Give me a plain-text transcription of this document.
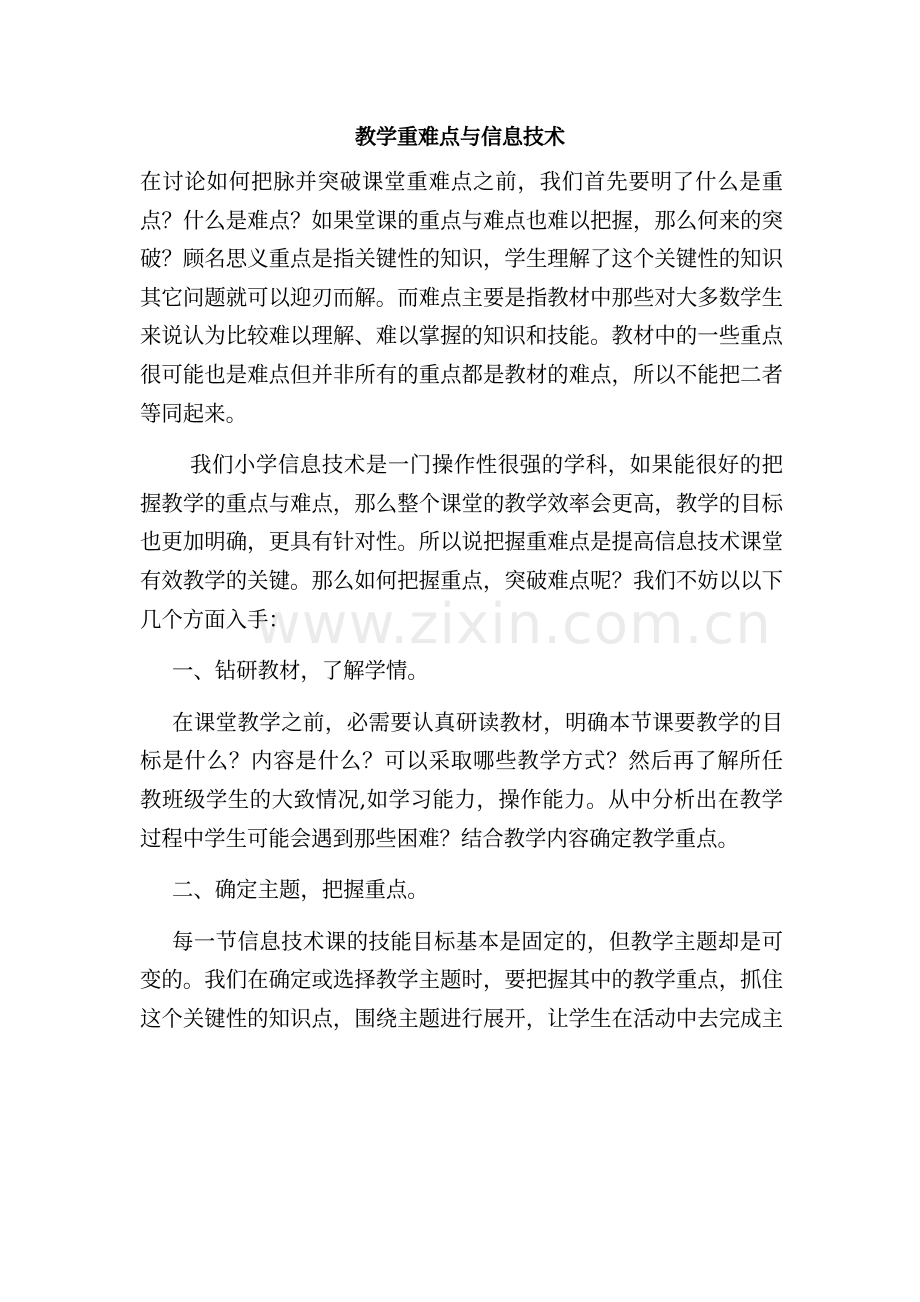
教学重难点与信息技术
www.zixin.com.cn
在讨论如何把脉并突破课堂重难点之前，我们首先要明了什么是重
点？什么是难点？如果堂课的重点与难点也难以把握，那么何来的突
破？顾名思义重点是指关键性的知识，学生理解了这个关键性的知识
其它问题就可以迎刃而解。而难点主要是指教材中那些对大多数学生
来说认为比较难以理解、难以掌握的知识和技能。教材中的一些重点
很可能也是难点但并非所有的重点都是教材的难点，所以不能把二者
等同起来。
我们小学信息技术是一门操作性很强的学科，如果能很好的把
握教学的重点与难点，那么整个课堂的教学效率会更高，教学的目标
也更加明确，更具有针对性。所以说把握重难点是提高信息技术课堂
有效教学的关键。那么如何把握重点，突破难点呢？我们不妨以以下
几个方面入手：
一、钻研教材，了解学情。
在课堂教学之前，必需要认真研读教材，明确本节课要教学的目
标是什么？内容是什么？可以采取哪些教学方式？然后再了解所任
教班级学生的大致情况,如学习能力，操作能力。从中分析出在教学
过程中学生可能会遇到那些困难？结合教学内容确定教学重点。
二、确定主题，把握重点。
每一节信息技术课的技能目标基本是固定的，但教学主题却是可
变的。我们在确定或选择教学主题时，要把握其中的教学重点，抓住
这个关键性的知识点，围绕主题进行展开，让学生在活动中去完成主
